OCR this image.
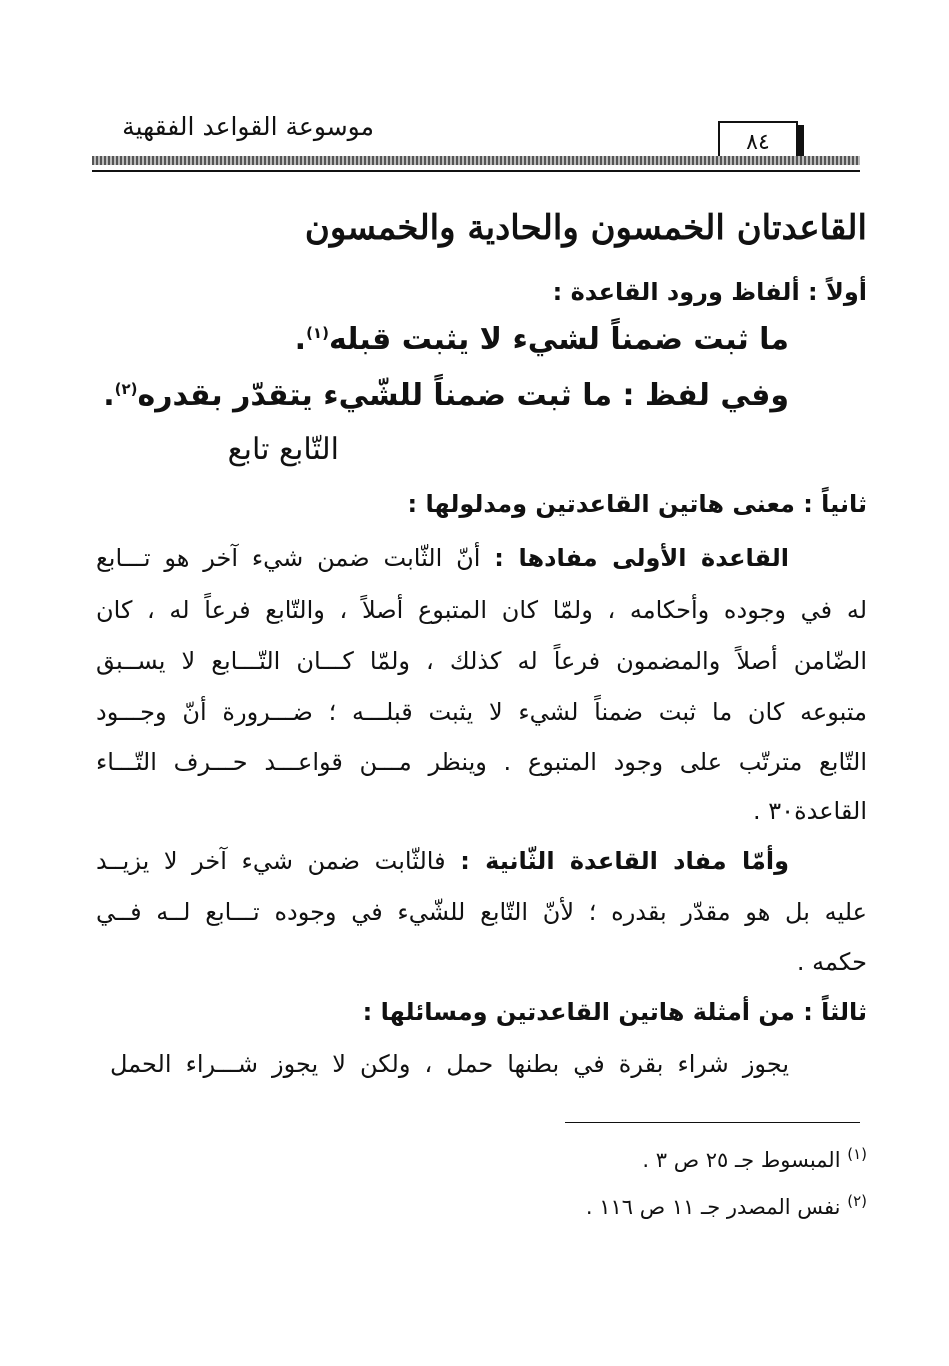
موسوعة القواعد الفقهية
٨٤
القاعدتان الخمسون والحادية والخمسون
أولاً : ألفاظ ورود القاعدة :
ما ثبت ضمناً لشيء لا يثبت قبله$^{(١)}$.
وفي لفظ : ما ثبت ضمناً للشّيء يتقدّر بقدره$^{(٢)}$.
التّابع تابع
ثانياً : معنى هاتين القاعدتين ومدلولها :
القاعدة الأولى مفادها : أنّ الثّابت ضمن شيء آخر هو تـــابع
له في وجوده وأحكامه ، ولمّا كان المتبوع أصلاً ، والتّابع فرعاً له ، كان
الضّامن أصلاً والمضمون فرعاً له كذلك ، ولمّا كـــان التّـــابع لا يســبق
متبوعه كان ما ثبت ضمناً لشيء لا يثبت قبلـــه ؛ ضـــرورة أنّ وجـــود
التّابع مترتّب على وجود المتبوع . وينظر مـــن قواعـــد حـــرف التّـــاء
القاعدة٣٠ .
وأمّا مفاد القاعدة الثّانية : فالثّابت ضمن شيء آخر لا يزيــد
عليه بل هو مقدّر بقدره ؛ لأنّ التّابع للشّيء في وجوده تـــابع لــه فــي
حكمه .
ثالثاً : من أمثلة هاتين القاعدتين ومسائلها :
يجوز شراء بقرة في بطنها حمل ، ولكن لا يجوز شـــراء الحمل
$^{(١)}$ المبسوط جـ ٢٥ ص ٣ .
$^{(٢)}$ نفس المصدر جـ ١١ ص ١١٦ .
